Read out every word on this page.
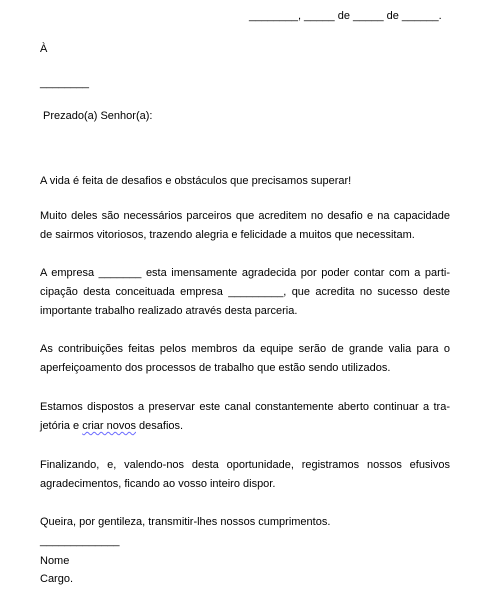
________, _____ de _____ de ______.
À
________
Prezado(a) Senhor(a):
A vida é feita de desafios e obstáculos que precisamos superar!
Muito deles são necessários parceiros que acreditem no desafio e na capacidade
de sairmos vitoriosos, trazendo alegria e felicidade a muitos que necessitam.
A empresa _______ esta imensamente agradecida por poder contar com a parti-
cipação desta conceituada empresa _________, que acredita no sucesso deste
importante trabalho realizado através desta parceria.
As contribuições feitas pelos membros da equipe serão de grande valia para o
aperfeiçoamento dos processos de trabalho que estão sendo utilizados.
Estamos dispostos a preservar este canal constantemente aberto continuar a tra-
jetória e criar novos desafios.
Finalizando, e, valendo-nos desta oportunidade, registramos nossos efusivos
agradecimentos, ficando ao vosso inteiro dispor.
Queira, por gentileza, transmitir-lhes nossos cumprimentos.
_____________
Nome
Cargo.
